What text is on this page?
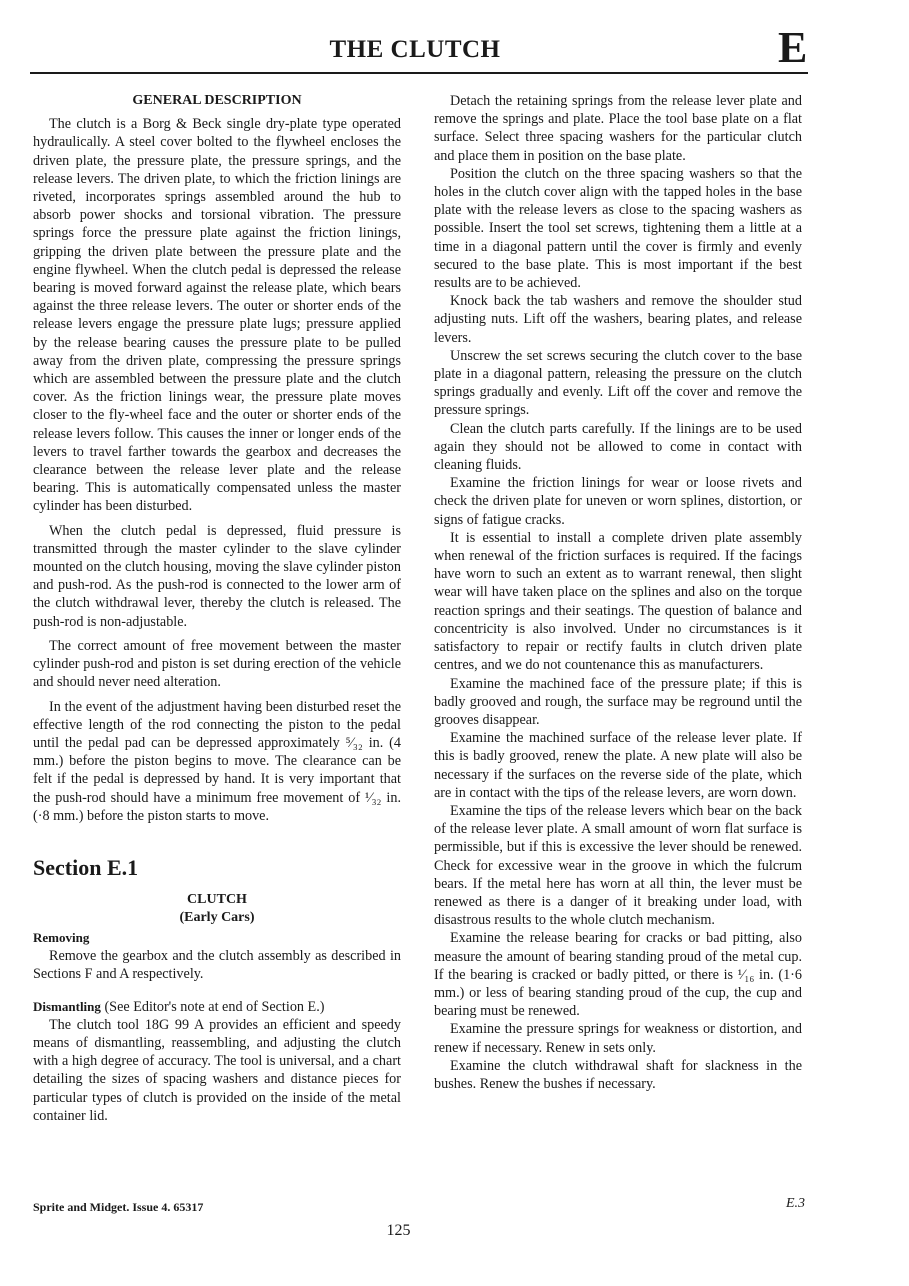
THE CLUTCH	E
GENERAL DESCRIPTION

The clutch is a Borg & Beck single dry-plate type operated hydraulically. A steel cover bolted to the flywheel encloses the driven plate, the pressure plate, the pressure springs, and the release levers. The driven plate, to which the friction linings are riveted, incorporates springs assembled around the hub to absorb power shocks and torsional vibration. The pressure springs force the pressure plate against the friction linings, gripping the driven plate between the pressure plate and the engine flywheel. When the clutch pedal is depressed the release bearing is moved forward against the release plate, which bears against the three release levers. The outer or shorter ends of the release levers engage the pressure plate lugs; pressure applied by the release bearing causes the pressure plate to be pulled away from the driven plate, compressing the pressure springs which are assembled between the pressure plate and the clutch cover. As the friction linings wear, the pressure plate moves closer to the fly-wheel face and the outer or shorter ends of the release levers follow. This causes the inner or longer ends of the levers to travel farther towards the gearbox and decreases the clearance between the release lever plate and the release bearing. This is automatically compensated unless the master cylinder has been disturbed.

When the clutch pedal is depressed, fluid pressure is transmitted through the master cylinder to the slave cylinder mounted on the clutch housing, moving the slave cylinder piston and push-rod. As the push-rod is connected to the lower arm of the clutch withdrawal lever, thereby the clutch is released. The push-rod is non-adjustable.

The correct amount of free movement between the master cylinder push-rod and piston is set during erection of the vehicle and should never need alteration.

In the event of the adjustment having been disturbed reset the effective length of the rod connecting the piston to the pedal until the pedal pad can be depressed approximately ⁵⁄₃₂ in. (4 mm.) before the piston begins to move. The clearance can be felt if the pedal is depressed by hand. It is very important that the push-rod should have a minimum free movement of ¹⁄₃₂ in. (·8 mm.) before the piston starts to move.

Section E.1
CLUTCH
(Early Cars)
Removing

Remove the gearbox and the clutch assembly as described in Sections F and A respectively.

Dismantling (See Editor's note at end of Section E.)

The clutch tool 18G 99 A provides an efficient and speedy means of dismantling, reassembling, and adjusting the clutch with a high degree of accuracy. The tool is universal, and a chart detailing the sizes of spacing washers and distance pieces for particular types of clutch is provided on the inside of the metal container lid.

Detach the retaining springs from the release lever plate and remove the springs and plate. Place the tool base plate on a flat surface. Select three spacing washers for the particular clutch and place them in position on the base plate.

Position the clutch on the three spacing washers so that the holes in the clutch cover align with the tapped holes in the base plate with the release levers as close to the spacing washers as possible. Insert the tool set screws, tightening them a little at a time in a diagonal pattern until the cover is firmly and evenly secured to the base plate. This is most important if the best results are to be achieved.

Knock back the tab washers and remove the shoulder stud adjusting nuts. Lift off the washers, bearing plates, and release levers.

Unscrew the set screws securing the clutch cover to the base plate in a diagonal pattern, releasing the pressure on the clutch springs gradually and evenly. Lift off the cover and remove the pressure springs.

Clean the clutch parts carefully. If the linings are to be used again they should not be allowed to come in contact with cleaning fluids.

Examine the friction linings for wear or loose rivets and check the driven plate for uneven or worn splines, distortion, or signs of fatigue cracks.

It is essential to install a complete driven plate assembly when renewal of the friction surfaces is required. If the facings have worn to such an extent as to warrant renewal, then slight wear will have taken place on the splines and also on the torque reaction springs and their seatings. The question of balance and concentricity is also involved. Under no circumstances is it satisfactory to repair or rectify faults in clutch driven plate centres, and we do not countenance this as manufacturers.

Examine the machined face of the pressure plate; if this is badly grooved and rough, the surface may be reground until the grooves disappear.

Examine the machined surface of the release lever plate. If this is badly grooved, renew the plate. A new plate will also be necessary if the surfaces on the reverse side of the plate, which are in contact with the tips of the release levers, are worn down.

Examine the tips of the release levers which bear on the back of the release lever plate. A small amount of worn flat surface is permissible, but if this is excessive the lever should be renewed. Check for excessive wear in the groove in which the fulcrum bears. If the metal here has worn at all thin, the lever must be renewed as there is a danger of it breaking under load, with disastrous results to the whole clutch mechanism.

Examine the release bearing for cracks or bad pitting, also measure the amount of bearing standing proud of the metal cup. If the bearing is cracked or badly pitted, or there is ¹⁄₁₆ in. (1·6 mm.) or less of bearing standing proud of the cup, the cup and bearing must be renewed.

Examine the pressure springs for weakness or distortion, and renew if necessary. Renew in sets only.

Examine the clutch withdrawal shaft for slackness in the bushes. Renew the bushes if necessary.

Sprite and Midget. Issue 4. 65317	E.3
125
